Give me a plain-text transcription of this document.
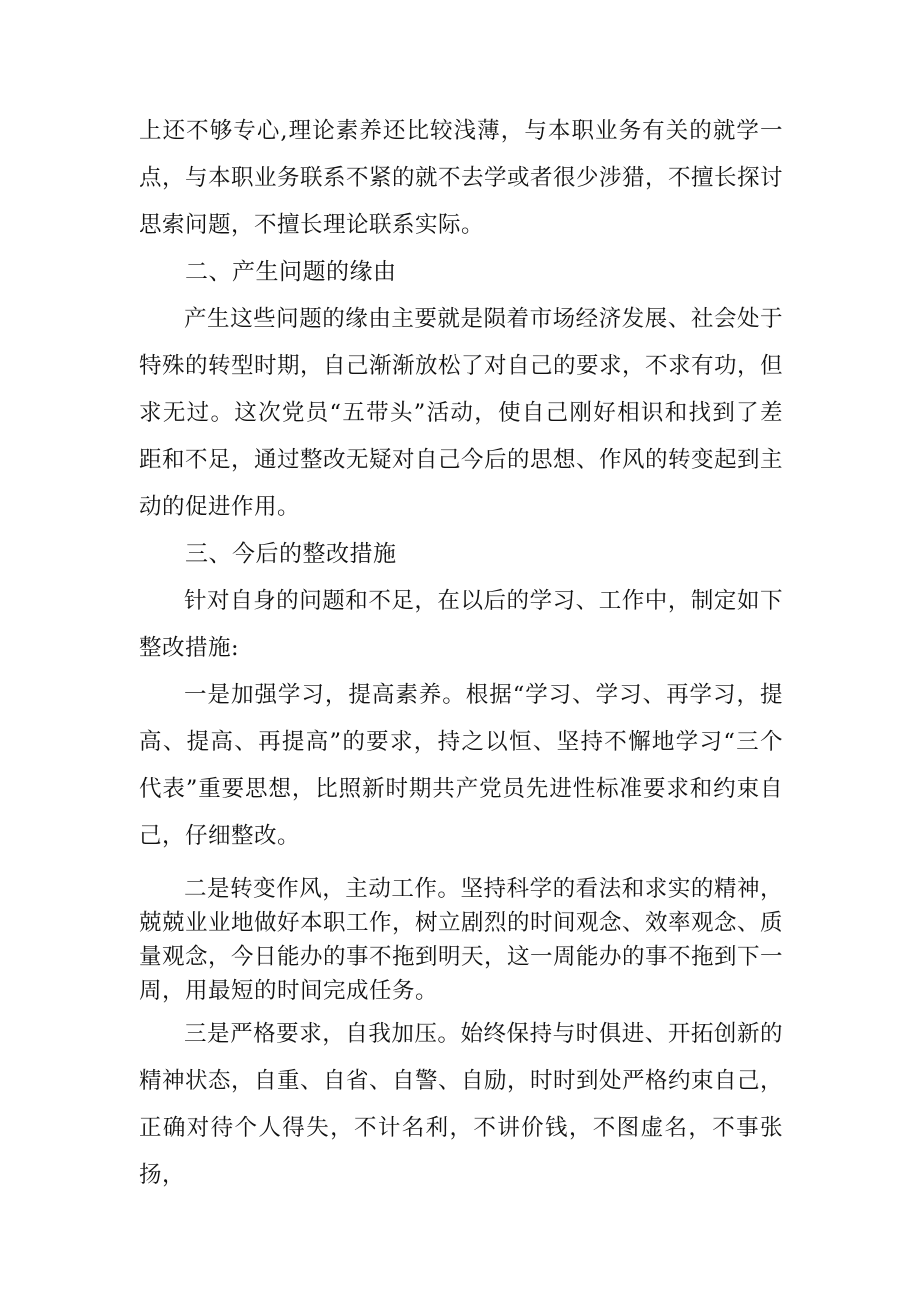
上还不够专心,理论素养还比较浅薄，与本职业务有关的就学一点，与本职业务联系不紧的就不去学或者很少涉猎，不擅长探讨思索问题，不擅长理论联系实际。

二、产生问题的缘由

产生这些问题的缘由主要就是陨着市场经济发展、社会处于特殊的转型时期，自己渐渐放松了对自己的要求，不求有功，但求无过。这次党员“五带头”活动，使自己刚好相识和找到了差距和不足，通过整改无疑对自己今后的思想、作风的转变起到主动的促进作用。

三、今后的整改措施

针对自身的问题和不足，在以后的学习、工作中，制定如下整改措施:

一是加强学习，提高素养。根据“学习、学习、再学习，提高、提高、再提高”的要求，持之以恒、坚持不懈地学习“三个代表”重要思想，比照新时期共产党员先进性标准要求和约束自己，仔细整改。

二是转变作风，主动工作。坚持科学的看法和求实的精神，兢兢业业地做好本职工作，树立剧烈的时间观念、效率观念、质量观念，今日能办的事不拖到明天，这一周能办的事不拖到下一周，用最短的时间完成任务。

三是严格要求，自我加压。始终保持与时俱进、开拓创新的精神状态，自重、自省、自警、自励，时时到处严格约束自己，正确对待个人得失，不计名利，不讲价钱，不图虚名，不事张扬，
